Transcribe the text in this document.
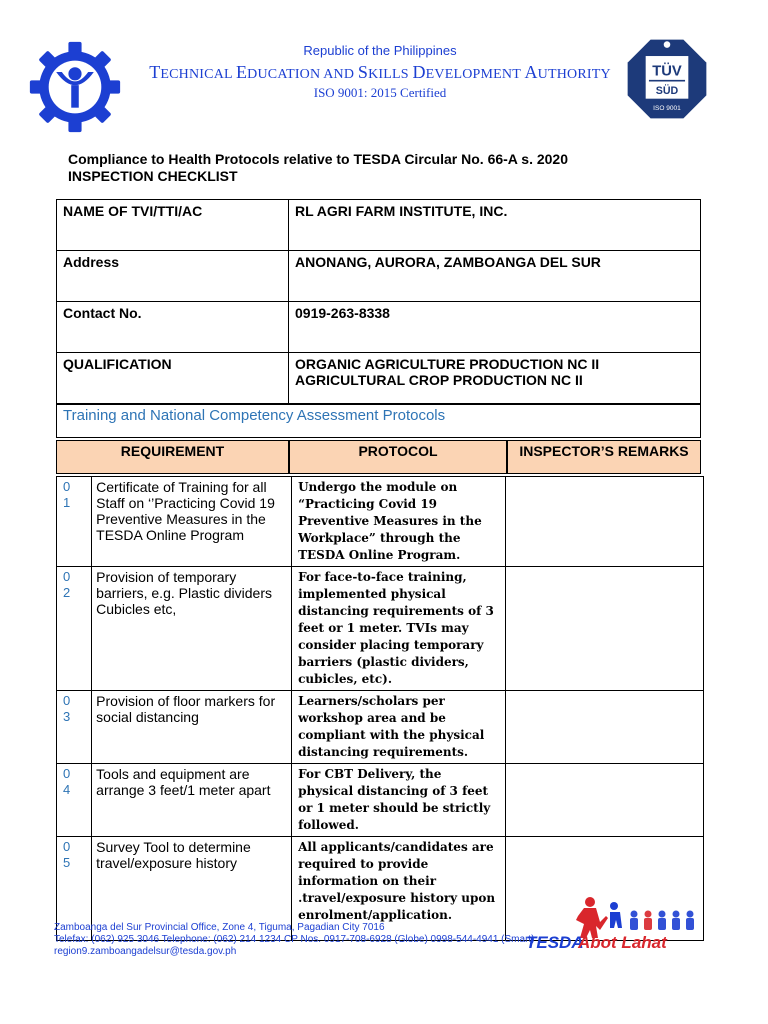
Republic of the Philippines
TECHNICAL EDUCATION AND SKILLS DEVELOPMENT AUTHORITY
ISO 9001: 2015 Certified
TÜV
SÜD
ISO 9001
Compliance to Health Protocols relative to TESDA Circular No. 66-A s. 2020
INSPECTION CHECKLIST
NAME OF TVI/TTI/AC	RL AGRI FARM INSTITUTE, INC.
Address	ANONANG, AURORA, ZAMBOANGA DEL SUR
Contact No.	0919-263-8338
QUALIFICATION	ORGANIC AGRICULTURE PRODUCTION NC II
AGRICULTURAL CROP PRODUCTION NC II
Training and National Competency Assessment Protocols
REQUIREMENT	PROTOCOL	INSPECTOR’S REMARKS
0
1	Certificate of Training for all Staff on ‘’Practicing Covid 19 Preventive Measures in the TESDA Online Program	Undergo the module on “Practicing Covid 19 Preventive Measures in the Workplace” through the TESDA Online Program.	

0
2	Provision of temporary barriers, e.g. Plastic dividers Cubicles etc,	For face-to-face training, implemented physical distancing requirements of 3 feet or 1 meter. TVIs may consider placing temporary barriers (plastic dividers, cubicles, etc).	

0
3	Provision of floor markers for social distancing	Learners/scholars per workshop area and be compliant with the physical distancing requirements.	

0
4	Tools and equipment are arrange 3 feet/1 meter apart	For CBT Delivery, the physical distancing of 3 feet or 1 meter should be strictly followed.	

0
5	Survey Tool to determine travel/exposure history	All applicants/candidates are required to provide information on their .travel/exposure history upon enrolment/application.	
Zamboanga del Sur Provincial Office, Zone 4, Tiguma, Pagadian City 7016
Telefax: (062) 925 3046 Telephone: (062) 214 1234 CP Nos. 0917-708-6928 (Globe) 0998-544-4941 (Smart)
region9.zamboangadelsur@tesda.gov.ph	TESDA
Abot Lahat
